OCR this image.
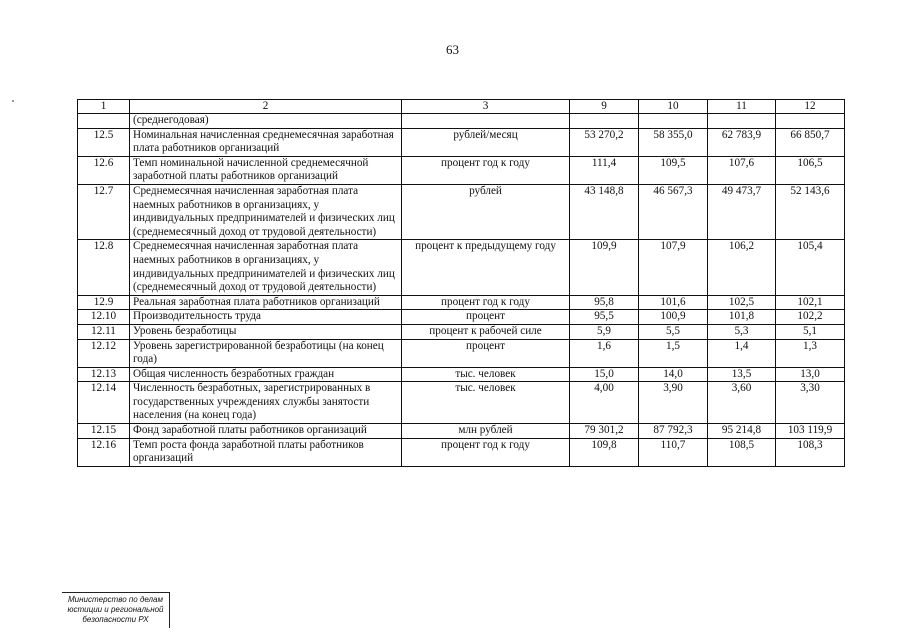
63
1	2	3	9	10	11	12
	(среднегодовая)					
12.5	Номинальная начисленная среднемесячная заработная плата работников организаций	рублей/месяц	53 270,2	58 355,0	62 783,9	66 850,7
12.6	Темп номинальной начисленной среднемесячной заработной платы работников организаций	процент год к году	111,4	109,5	107,6	106,5
12.7	Среднемесячная начисленная заработная плата наемных работников в организациях, у индивидуальных предпринимателей и физических лиц (среднемесячный доход от трудовой деятельности)	рублей	43 148,8	46 567,3	49 473,7	52 143,6
12.8	Среднемесячная начисленная заработная плата наемных работников в организациях, у индивидуальных предпринимателей и физических лиц (среднемесячный доход от трудовой деятельности)	процент к предыдущему году	109,9	107,9	106,2	105,4
12.9	Реальная заработная плата работников организаций	процент год к году	95,8	101,6	102,5	102,1
12.10	Производительность труда	процент	95,5	100,9	101,8	102,2
12.11	Уровень безработицы	процент к рабочей силе	5,9	5,5	5,3	5,1
12.12	Уровень зарегистрированной безработицы (на конец года)	процент	1,6	1,5	1,4	1,3
12.13	Общая численность безработных граждан	тыс. человек	15,0	14,0	13,5	13,0
12.14	Численность безработных, зарегистрированных в государственных учреждениях службы занятости населения (на конец года)	тыс. человек	4,00	3,90	3,60	3,30
12.15	Фонд заработной платы работников организаций	млн рублей	79 301,2	87 792,3	95 214,8	103 119,9
12.16	Темп роста фонда заработной платы работников организаций	процент год к году	109,8	110,7	108,5	108,3
Министерство по делам
юстиции и региональной
безопасности РХ
